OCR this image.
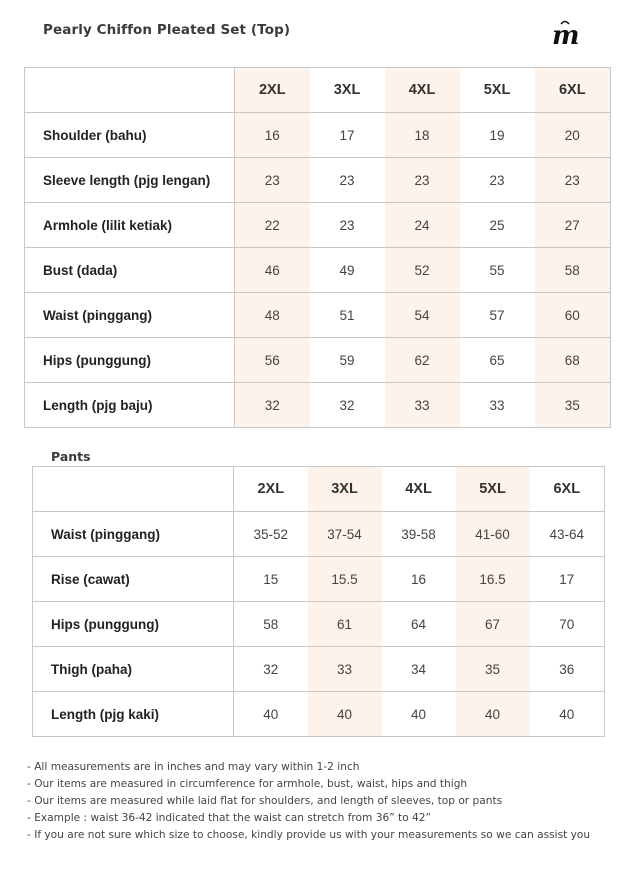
Pearly Chiffon Pleated Set (Top)	m
	2XL	3XL	4XL	5XL	6XL
Shoulder (bahu)	16	17	18	19	20
Sleeve length (pjg lengan)	23	23	23	23	23
Armhole (lilit ketiak)	22	23	24	25	27
Bust (dada)	46	49	52	55	58
Waist (pinggang)	48	51	54	57	60
Hips (punggung)	56	59	62	65	68
Length (pjg baju)	32	32	33	33	35
Pants
	2XL	3XL	4XL	5XL	6XL
Waist (pinggang)	35-52	37-54	39-58	41-60	43-64
Rise (cawat)	15	15.5	16	16.5	17
Hips (punggung)	58	61	64	67	70
Thigh (paha)	32	33	34	35	36
Length (pjg kaki)	40	40	40	40	40
- All measurements are in inches and may vary within 1-2 inch
- Our items are measured in circumference for armhole, bust, waist, hips and thigh
- Our items are measured while laid flat for shoulders, and length of sleeves, top or pants
- Example : waist 36-42 indicated that the waist can stretch from 36” to 42”
- If you are not sure which size to choose, kindly provide us with your measurements so we can assist you
